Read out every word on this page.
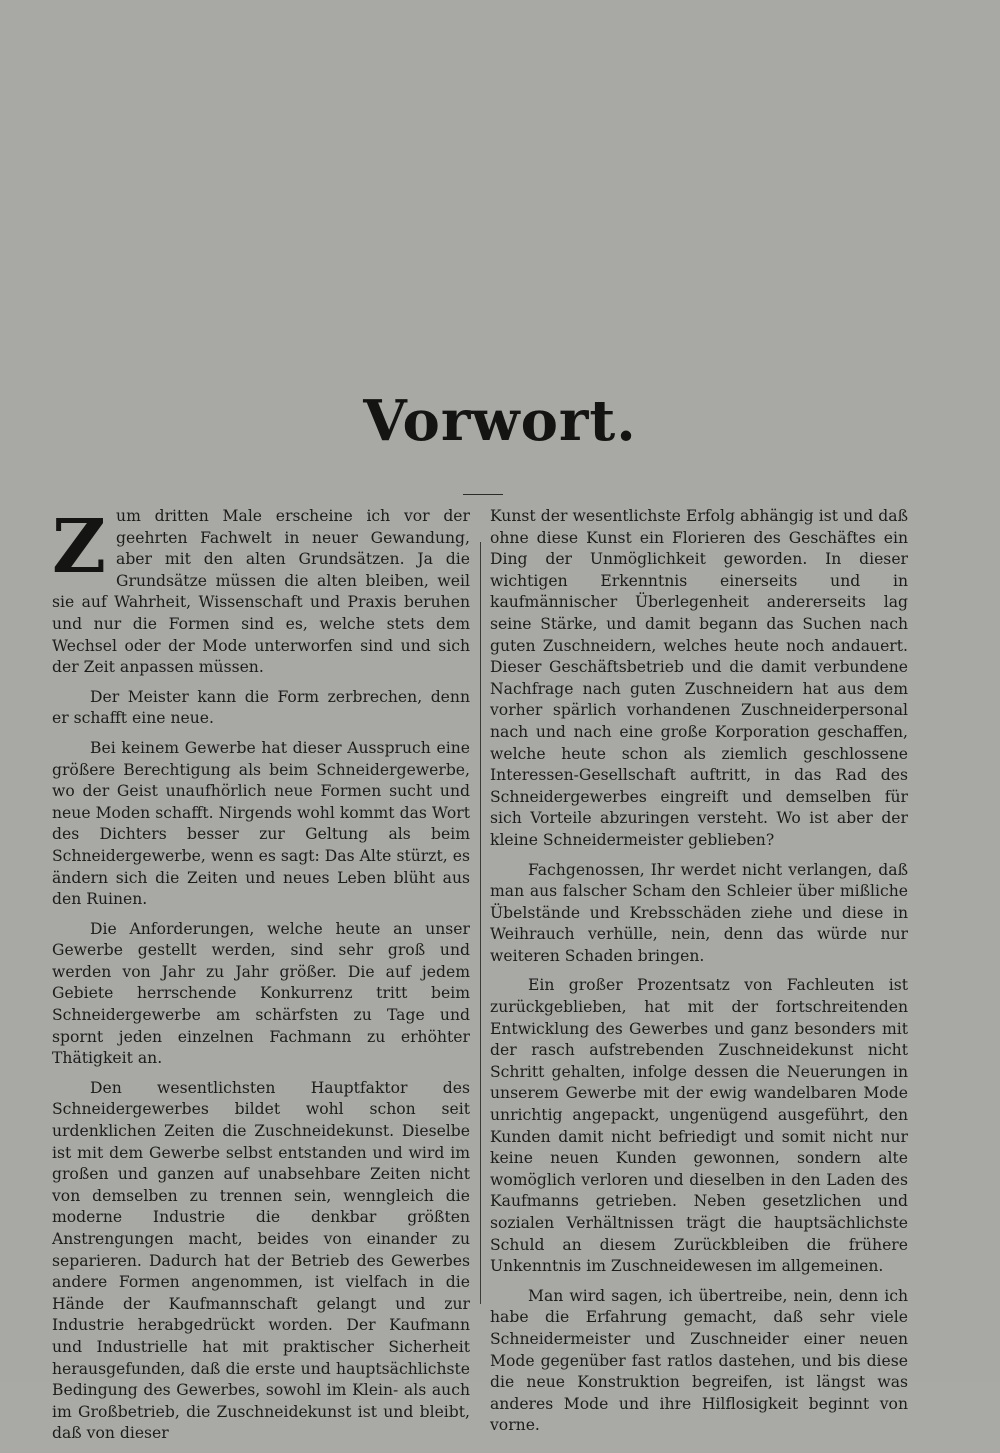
Vorwort.

Zum dritten Male erscheine ich vor der geehrten Fachwelt in neuer Gewandung, aber mit den alten Grundsätzen. Ja die Grundsätze müssen die alten bleiben, weil sie auf Wahrheit, Wissenschaft und Praxis beruhen und nur die Formen sind es, welche stets dem Wechsel oder der Mode unterworfen sind und sich der Zeit anpassen müssen.

Der Meister kann die Form zerbrechen, denn er schafft eine neue.

Bei keinem Gewerbe hat dieser Ausspruch eine größere Berechtigung als beim Schneidergewerbe, wo der Geist unaufhörlich neue Formen sucht und neue Moden schafft. Nirgends wohl kommt das Wort des Dichters besser zur Geltung als beim Schneidergewerbe, wenn es sagt: Das Alte stürzt, es ändern sich die Zeiten und neues Leben blüht aus den Ruinen.

Die Anforderungen, welche heute an unser Gewerbe gestellt werden, sind sehr groß und werden von Jahr zu Jahr größer. Die auf jedem Gebiete herrschende Konkurrenz tritt beim Schneidergewerbe am schärfsten zu Tage und spornt jeden einzelnen Fachmann zu erhöhter Thätigkeit an.

Den wesentlichsten Hauptfaktor des Schneidergewerbes bildet wohl schon seit urdenklichen Zeiten die Zuschneidekunst. Dieselbe ist mit dem Gewerbe selbst entstanden und wird im großen und ganzen auf unabsehbare Zeiten nicht von demselben zu trennen sein, wenngleich die moderne Industrie die denkbar größten Anstrengungen macht, beides von einander zu separieren. Dadurch hat der Betrieb des Gewerbes andere Formen angenommen, ist vielfach in die Hände der Kaufmannschaft gelangt und zur Industrie herabgedrückt worden. Der Kaufmann und Industrielle hat mit praktischer Sicherheit herausgefunden, daß die erste und hauptsächlichste Bedingung des Gewerbes, sowohl im Klein- als auch im Großbetrieb, die Zuschneidekunst ist und bleibt, daß von dieser

Kunst der wesentlichste Erfolg abhängig ist und daß ohne diese Kunst ein Florieren des Geschäftes ein Ding der Unmöglichkeit geworden. In dieser wichtigen Erkenntnis einerseits und in kaufmännischer Überlegenheit andererseits lag seine Stärke, und damit begann das Suchen nach guten Zuschneidern, welches heute noch andauert. Dieser Geschäftsbetrieb und die damit verbundene Nachfrage nach guten Zuschneidern hat aus dem vorher spärlich vorhandenen Zuschneiderpersonal nach und nach eine große Korporation geschaffen, welche heute schon als ziemlich geschlossene Interessen-Gesellschaft auftritt, in das Rad des Schneidergewerbes eingreift und demselben für sich Vorteile abzuringen versteht. Wo ist aber der kleine Schneidermeister geblieben?

Fachgenossen, Ihr werdet nicht verlangen, daß man aus falscher Scham den Schleier über mißliche Übelstände und Krebsschäden ziehe und diese in Weihrauch verhülle, nein, denn das würde nur weiteren Schaden bringen.

Ein großer Prozentsatz von Fachleuten ist zurückgeblieben, hat mit der fortschreitenden Entwicklung des Gewerbes und ganz besonders mit der rasch aufstrebenden Zuschneidekunst nicht Schritt gehalten, infolge dessen die Neuerungen in unserem Gewerbe mit der ewig wandelbaren Mode unrichtig angepackt, ungenügend ausgeführt, den Kunden damit nicht befriedigt und somit nicht nur keine neuen Kunden gewonnen, sondern alte womöglich verloren und dieselben in den Laden des Kaufmanns getrieben. Neben gesetzlichen und sozialen Verhältnissen trägt die hauptsächlichste Schuld an diesem Zurückbleiben die frühere Unkenntnis im Zuschneidewesen im allgemeinen.

Man wird sagen, ich übertreibe, nein, denn ich habe die Erfahrung gemacht, daß sehr viele Schneidermeister und Zuschneider einer neuen Mode gegenüber fast ratlos dastehen, und bis diese die neue Konstruktion begreifen, ist längst was anderes Mode und ihre Hilflosigkeit beginnt von vorne.
